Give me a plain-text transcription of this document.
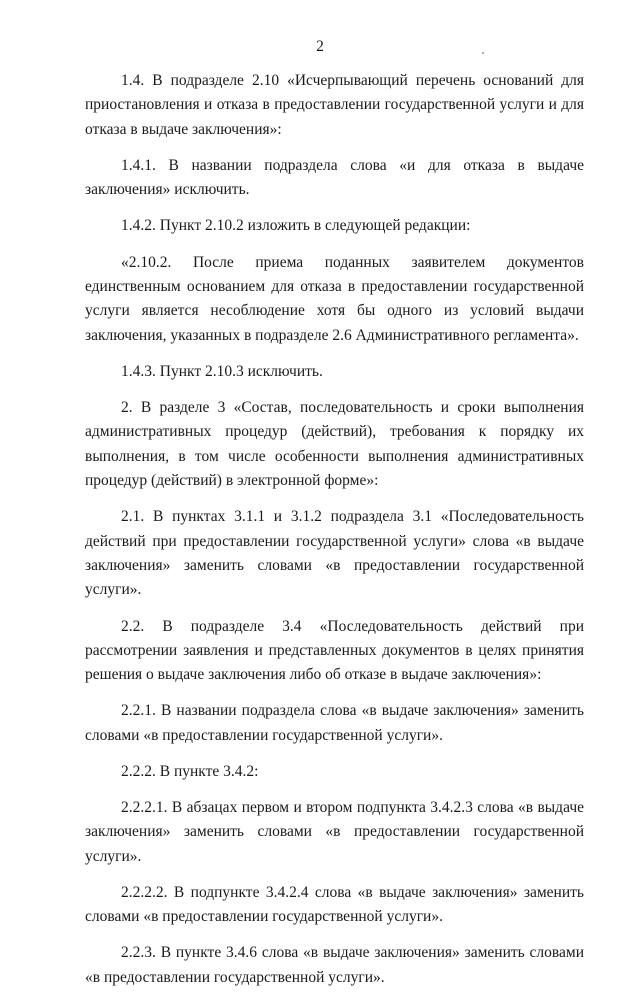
2

1.4. В подразделе 2.10 «Исчерпывающий перечень оснований для приостановления и отказа в предоставлении государственной услуги и для отказа в выдаче заключения»:

1.4.1. В названии подраздела слова «и для отказа в выдаче заключения» исключить.

1.4.2. Пункт 2.10.2 изложить в следующей редакции:

«2.10.2. После приема поданных заявителем документов единственным основанием для отказа в предоставлении государственной услуги является несоблюдение хотя бы одного из условий выдачи заключения, указанных в подразделе 2.6 Административного регламента».

1.4.3. Пункт 2.10.3 исключить.

2. В разделе 3 «Состав, последовательность и сроки выполнения административных процедур (действий), требования к порядку их выполнения, в том числе особенности выполнения административных процедур (действий) в электронной форме»:

2.1. В пунктах 3.1.1 и 3.1.2 подраздела 3.1 «Последовательность действий при предоставлении государственной услуги» слова «в выдаче заключения» заменить словами «в предоставлении государственной услуги».

2.2. В подразделе 3.4 «Последовательность действий при рассмотрении заявления и представленных документов в целях принятия решения о выдаче заключения либо об отказе в выдаче заключения»:

2.2.1. В названии подраздела слова «в выдаче заключения» заменить словами «в предоставлении государственной услуги».

2.2.2. В пункте 3.4.2:

2.2.2.1. В абзацах первом и втором подпункта 3.4.2.3 слова «в выдаче заключения» заменить словами «в предоставлении государственной услуги».

2.2.2.2. В подпункте 3.4.2.4 слова «в выдаче заключения» заменить словами «в предоставлении государственной услуги».

2.2.3. В пункте 3.4.6 слова «в выдаче заключения» заменить словами «в предоставлении государственной услуги».
